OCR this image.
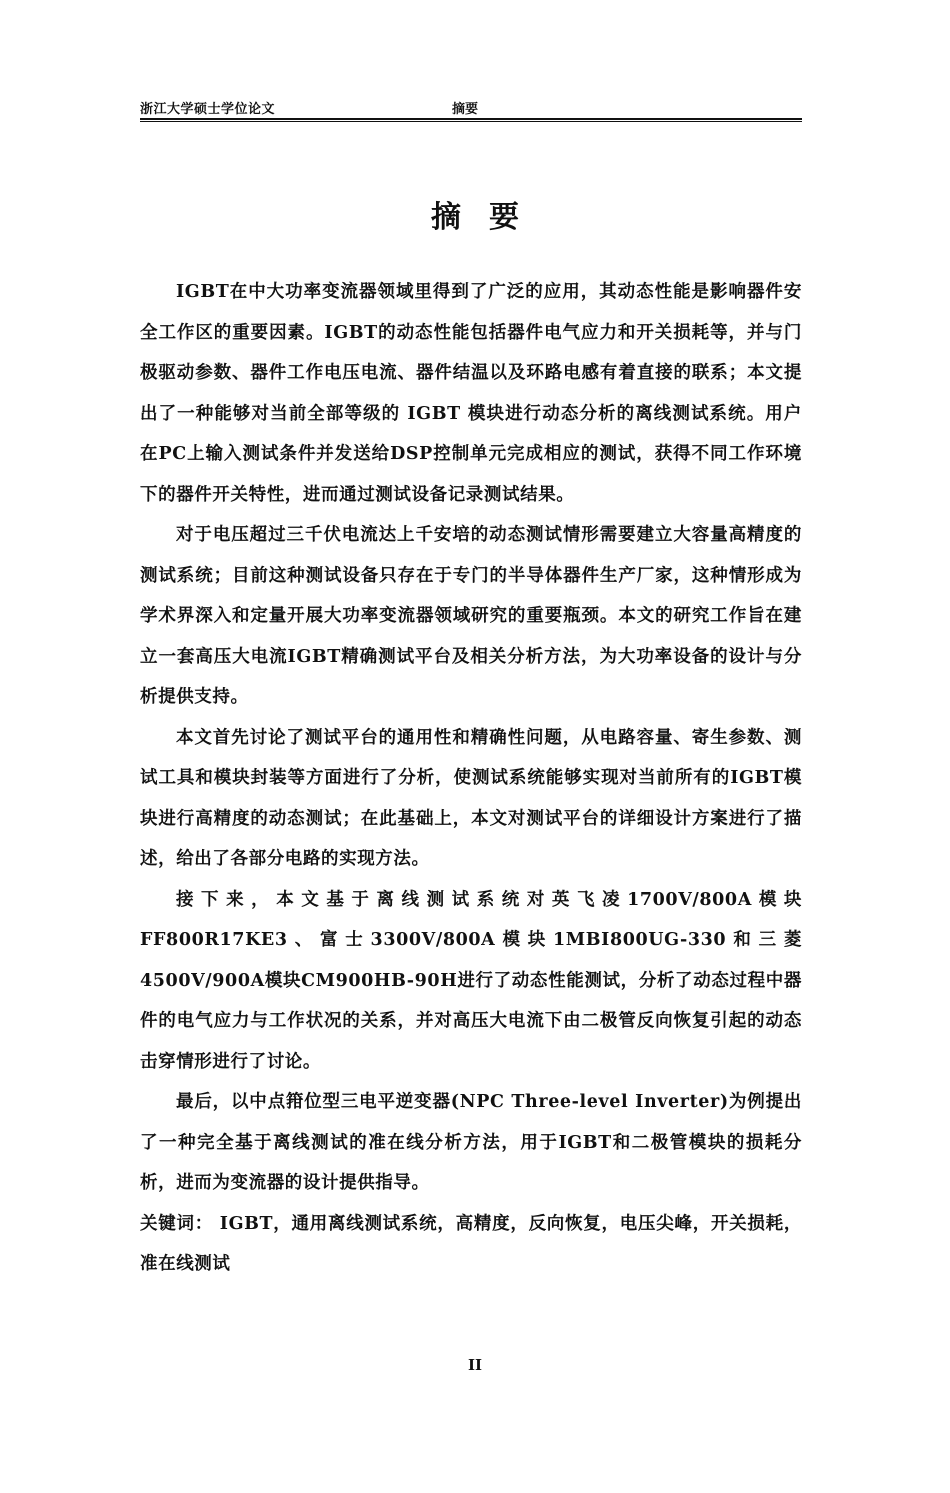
浙江大学硕士学位论文	摘要
摘要

IGBT在中大功率变流器领域里得到了广泛的应用，其动态性能是影响器件安全工作区的重要因素。IGBT的动态性能包括器件电气应力和开关损耗等，并与门极驱动参数、器件工作电压电流、器件结温以及环路电感有着直接的联系；本文提出了一种能够对当前全部等级的 IGBT 模块进行动态分析的离线测试系统。用户在PC上输入测试条件并发送给DSP控制单元完成相应的测试，获得不同工作环境下的器件开关特性，进而通过测试设备记录测试结果。

对于电压超过三千伏电流达上千安培的动态测试情形需要建立大容量高精度的测试系统；目前这种测试设备只存在于专门的半导体器件生产厂家，这种情形成为学术界深入和定量开展大功率变流器领域研究的重要瓶颈。本文的研究工作旨在建立一套高压大电流IGBT精确测试平台及相关分析方法，为大功率设备的设计与分析提供支持。

本文首先讨论了测试平台的通用性和精确性问题，从电路容量、寄生参数、测试工具和模块封装等方面进行了分析，使测试系统能够实现对当前所有的IGBT模块进行高精度的动态测试；在此基础上，本文对测试平台的详细设计方案进行了描述，给出了各部分电路的实现方法。

接下来，本文基于离线测试系统对英飞凌1700V/800A模块FF800R17KE3、富士3300V/800A模块1MBI800UG-330和三菱4500V/900A模块CM900HB-90H进行了动态性能测试，分析了动态过程中器件的电气应力与工作状况的关系，并对高压大电流下由二极管反向恢复引起的动态击穿情形进行了讨论。

最后，以中点箝位型三电平逆变器(NPC Three-level Inverter)为例提出了一种完全基于离线测试的准在线分析方法，用于IGBT和二极管模块的损耗分析，进而为变流器的设计提供指导。

关键词： IGBT，通用离线测试系统，高精度，反向恢复，电压尖峰，开关损耗，准在线测试
II
